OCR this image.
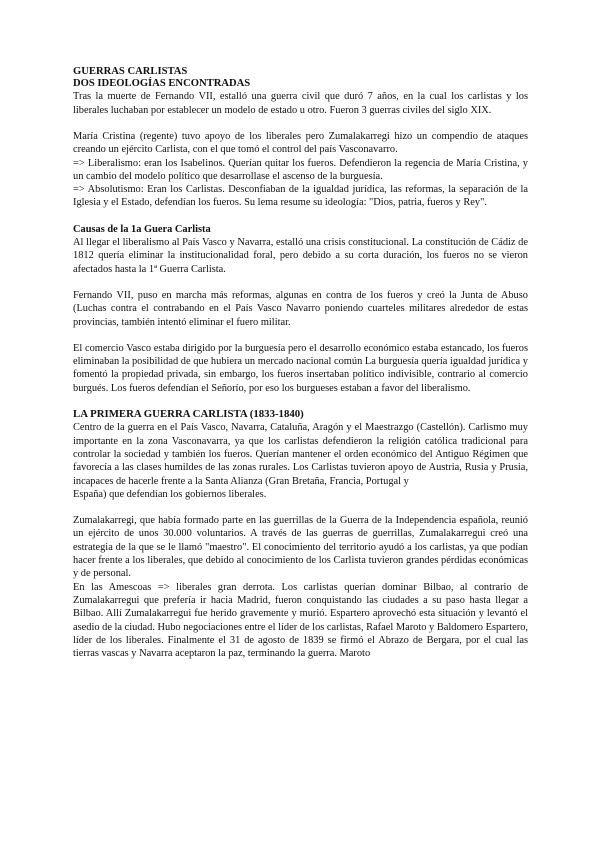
GUERRAS CARLISTAS

DOS IDEOLOGÍAS ENCONTRADAS

Tras la muerte de Fernando VII, estalló una guerra civil que duró 7 años, en la cual los carlistas y los liberales luchaban por establecer un modelo de estado u otro. Fueron 3 guerras civiles del siglo XIX.

María Cristina (regente) tuvo apoyo de los liberales pero Zumalakarregi hizo un compendio de ataques creando un ejército Carlista, con el que tomó el control del país Vasconavarro.

=> Liberalismo: eran los Isabelinos. Querían quitar los fueros. Defendieron la regencia de María Cristina, y un cambio del modelo político que desarrollase el ascenso de la burguesía.

=> Absolutismo: Eran los Carlistas. Desconfiaban de la igualdad jurídica, las reformas, la separación de la Iglesia y el Estado, defendían los fueros. Su lema resume su ideología: "Dios, patria, fueros y Rey".

Causas de la 1a Guera Carlista

Al llegar el liberalismo al País Vasco y Navarra, estalló una crisis constitucional. La constitución de Cádiz de 1812 quería eliminar la institucionalidad foral, pero debido a su corta duración, los fueros no se vieron afectados hasta la 1ª Guerra Carlista.

Fernando VII, puso en marcha más reformas, algunas en contra de los fueros y creó la Junta de Abuso (Luchas contra el contrabando en el País Vasco Navarro poniendo cuarteles militares alrededor de estas provincias, también intentó eliminar el fuero militar.

El comercio Vasco estaba dirigido por la burguesía pero el desarrollo económico estaba estancado, los fueros eliminaban la posibilidad de que hubiera un mercado nacional común La burguesía quería igualdad jurídica y fomentó la propiedad privada, sin embargo, los fueros insertaban político indivisible, contrario al comercio burgués. Los fueros defendían el Señorío, por eso los burgueses estaban a favor del liberalismo.

LA PRIMERA GUERRA CARLISTA (1833-1840)

Centro de la guerra en el País Vasco, Navarra, Cataluña, Aragón y el Maestrazgo (Castellón). Carlismo muy importante en la zona Vasconavarra, ya que los carlistas defendieron la religión católica tradicional para controlar la sociedad y también los fueros. Querían mantener el orden económico del Antiguo Régimen que favorecía a las clases humildes de las zonas rurales. Los Carlistas tuvieron apoyo de Austria, Rusia y Prusia, incapaces de hacerle frente a la Santa Alianza (Gran Bretaña, Francia, Portugal y

España) que defendían los gobiernos liberales.

Zumalakarregi, que había formado parte en las guerrillas de la Guerra de la Independencia española, reunió un ejército de unos 30.000 voluntarios. A través de las guerras de guerrillas, Zumalakarregui creó una estrategia de la que se le llamó "maestro". El conocimiento del territorio ayudó a los carlistas, ya que podían hacer frente a los liberales, que debido al conocimiento de los Carlista tuvieron grandes pérdidas económicas y de personal.

En las Amescoas => liberales gran derrota. Los carlistas querían dominar Bilbao, al contrario de Zumalakarregui que prefería ir hacia Madrid, fueron conquistando las ciudades a su paso hasta llegar a Bilbao. Allí Zumalakarregui fue herido gravemente y murió. Espartero aprovechó esta situación y levantó el asedio de la ciudad. Hubo negociaciones entre el líder de los carlistas, Rafael Maroto y Baldomero Espartero, líder de los liberales. Finalmente el 31 de agosto de 1839 se firmó el Abrazo de Bergara, por el cual las tierras vascas y Navarra aceptaron la paz, terminando la guerra. Maroto
